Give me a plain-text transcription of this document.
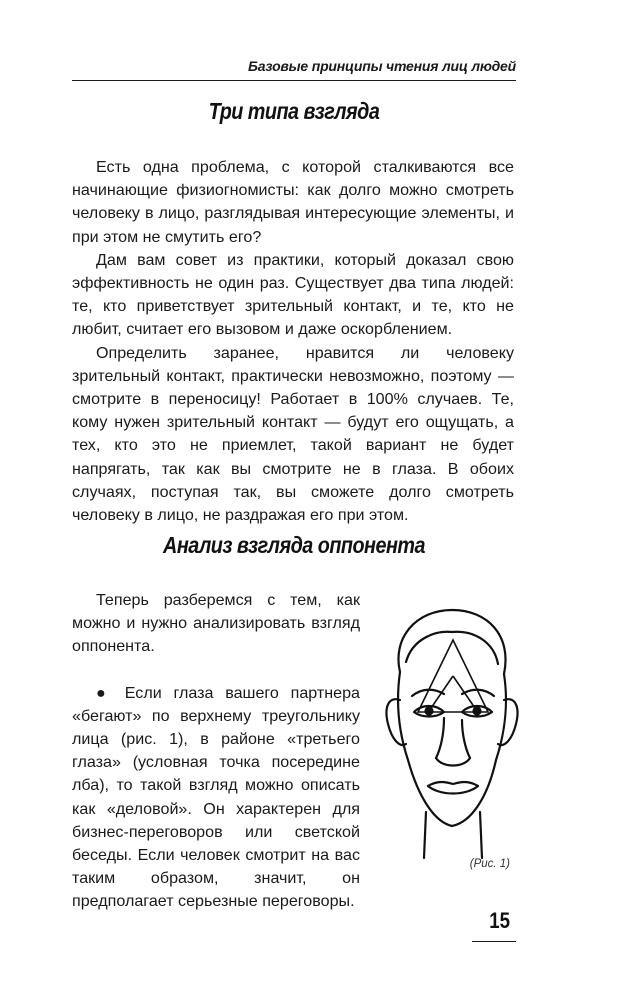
Базовые принципы чтения лиц людей
Три типа взгляда

Есть одна проблема, с которой сталкиваются все начинающие физиогномисты: как долго можно смотреть человеку в лицо, разглядывая интересующие элементы, и при этом не смутить его?

Дам вам совет из практики, который доказал свою эффективность не один раз. Существует два типа людей: те, кто приветствует зрительный контакт, и те, кто не любит, считает его вызовом и даже оскорблением.

Определить заранее, нравится ли человеку зрительный контакт, практически невозможно, поэтому — смотрите в переносицу! Работает в 100% случаев. Те, кому нужен зрительный контакт — будут его ощущать, а тех, кто это не приемлет, такой вариант не будет напрягать, так как вы смотрите не в глаза. В обоих случаях, поступая так, вы сможете долго смотреть человеку в лицо, не раздражая его при этом.

Анализ взгляда оппонента

Теперь разберемся с тем, как можно и нужно анализировать взгляд оппонента.

● Если глаза вашего партнера «бегают» по верхнему треугольнику лица (рис. 1), в районе «третьего глаза» (условная точка посередине лба), то такой взгляд можно описать как «деловой». Он характерен для бизнес-переговоров или светской беседы. Если человек смотрит на вас таким образом, значит, он предполагает серьезные переговоры.

(Рис. 1)
15
